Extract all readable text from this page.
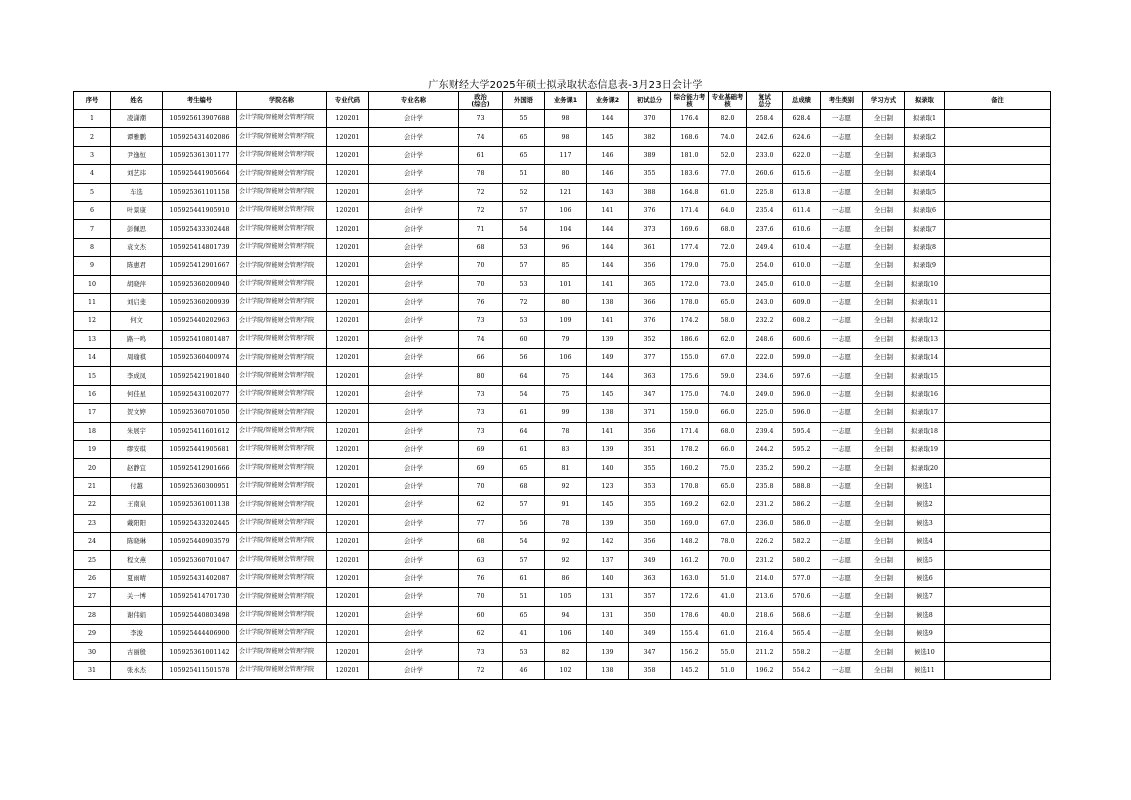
广东财经大学2025年硕士拟录取状态信息表-3月23日会计学
序号	姓名	考生编号	学院名称	专业代码	专业名称	政治
(综合)	外国语	业务课1	业务课2	初试总分	综合能力考核	专业基础考核	复试
总分	总成绩	考生类别	学习方式	拟录取	备注
1	凌潇潮	105925613907688	会计学院/智能财会管理学院	120201	会计学	73	55	98	144	370	176.4	82.0	258.4	628.4	一志愿	全日制	拟录取1	
2	谭雅鹏	105925431402086	会计学院/智能财会管理学院	120201	会计学	74	65	98	145	382	168.6	74.0	242.6	624.6	一志愿	全日制	拟录取2	
3	尹逸恒	105925361301177	会计学院/智能财会管理学院	120201	会计学	61	65	117	146	389	181.0	52.0	233.0	622.0	一志愿	全日制	拟录取3	
4	刘艺玮	105925441905664	会计学院/智能财会管理学院	120201	会计学	78	51	80	146	355	183.6	77.0	260.6	615.6	一志愿	全日制	拟录取4	
5	车选	105925361101158	会计学院/智能财会管理学院	120201	会计学	72	52	121	143	388	164.8	61.0	225.8	613.8	一志愿	全日制	拟录取5	
6	叶景康	105925441905910	会计学院/智能财会管理学院	120201	会计学	72	57	106	141	376	171.4	64.0	235.4	611.4	一志愿	全日制	拟录取6	
7	彭佩思	105925433302448	会计学院/智能财会管理学院	120201	会计学	71	54	104	144	373	169.6	68.0	237.6	610.6	一志愿	全日制	拟录取7	
8	袁文杰	105925414801739	会计学院/智能财会管理学院	120201	会计学	68	53	96	144	361	177.4	72.0	249.4	610.4	一志愿	全日制	拟录取8	
9	陈惠君	105925412901667	会计学院/智能财会管理学院	120201	会计学	70	57	85	144	356	179.0	75.0	254.0	610.0	一志愿	全日制	拟录取9	
10	胡晓萍	105925360200940	会计学院/智能财会管理学院	120201	会计学	70	53	101	141	365	172.0	73.0	245.0	610.0	一志愿	全日制	拟录取10	
11	刘启斐	105925360200939	会计学院/智能财会管理学院	120201	会计学	76	72	80	138	366	178.0	65.0	243.0	609.0	一志愿	全日制	拟录取11	
12	何文	105925440202963	会计学院/智能财会管理学院	120201	会计学	73	53	109	141	376	174.2	58.0	232.2	608.2	一志愿	全日制	拟录取12	
13	路一鸣	105925410801487	会计学院/智能财会管理学院	120201	会计学	74	60	79	139	352	186.6	62.0	248.6	600.6	一志愿	全日制	拟录取13	
14	周瑜祺	105925360400974	会计学院/智能财会管理学院	120201	会计学	66	56	106	149	377	155.0	67.0	222.0	599.0	一志愿	全日制	拟录取14	
15	李成凤	105925421901840	会计学院/智能财会管理学院	120201	会计学	80	64	75	144	363	175.6	59.0	234.6	597.6	一志愿	全日制	拟录取15	
16	何佳星	105925431002077	会计学院/智能财会管理学院	120201	会计学	73	54	75	145	347	175.0	74.0	249.0	596.0	一志愿	全日制	拟录取16	
17	贺文婷	105925360701050	会计学院/智能财会管理学院	120201	会计学	73	61	99	138	371	159.0	66.0	225.0	596.0	一志愿	全日制	拟录取17	
18	朱展宇	105925411601612	会计学院/智能财会管理学院	120201	会计学	73	64	78	141	356	171.4	68.0	239.4	595.4	一志愿	全日制	拟录取18	
19	缪安琪	105925441905681	会计学院/智能财会管理学院	120201	会计学	69	61	83	139	351	178.2	66.0	244.2	595.2	一志愿	全日制	拟录取19	
20	赵静宜	105925412901666	会计学院/智能财会管理学院	120201	会计学	69	65	81	140	355	160.2	75.0	235.2	590.2	一志愿	全日制	拟录取20	
21	付越	105925360300951	会计学院/智能财会管理学院	120201	会计学	70	68	92	123	353	170.8	65.0	235.8	588.8	一志愿	全日制	候选1	
22	王南泉	105925361001138	会计学院/智能财会管理学院	120201	会计学	62	57	91	145	355	169.2	62.0	231.2	586.2	一志愿	全日制	候选2	
23	戴阳阳	105925433202445	会计学院/智能财会管理学院	120201	会计学	77	56	78	139	350	169.0	67.0	236.0	586.0	一志愿	全日制	候选3	
24	陈晓琳	105925440903579	会计学院/智能财会管理学院	120201	会计学	68	54	92	142	356	148.2	78.0	226.2	582.2	一志愿	全日制	候选4	
25	程文燕	105925360701047	会计学院/智能财会管理学院	120201	会计学	63	57	92	137	349	161.2	70.0	231.2	580.2	一志愿	全日制	候选5	
26	夏雨晴	105925431402087	会计学院/智能财会管理学院	120201	会计学	76	61	86	140	363	163.0	51.0	214.0	577.0	一志愿	全日制	候选6	
27	关一博	105925414701730	会计学院/智能财会管理学院	120201	会计学	70	51	105	131	357	172.6	41.0	213.6	570.6	一志愿	全日制	候选7	
28	谢伟娟	105925440803498	会计学院/智能财会管理学院	120201	会计学	60	65	94	131	350	178.6	40.0	218.6	568.6	一志愿	全日制	候选8	
29	李浚	105925444406900	会计学院/智能财会管理学院	120201	会计学	62	41	106	140	349	155.4	61.0	216.4	565.4	一志愿	全日制	候选9	
30	古丽殷	105925361001142	会计学院/智能财会管理学院	120201	会计学	73	53	82	139	347	156.2	55.0	211.2	558.2	一志愿	全日制	候选10	
31	张永杰	105925411501578	会计学院/智能财会管理学院	120201	会计学	72	46	102	138	358	145.2	51.0	196.2	554.2	一志愿	全日制	候选11	
